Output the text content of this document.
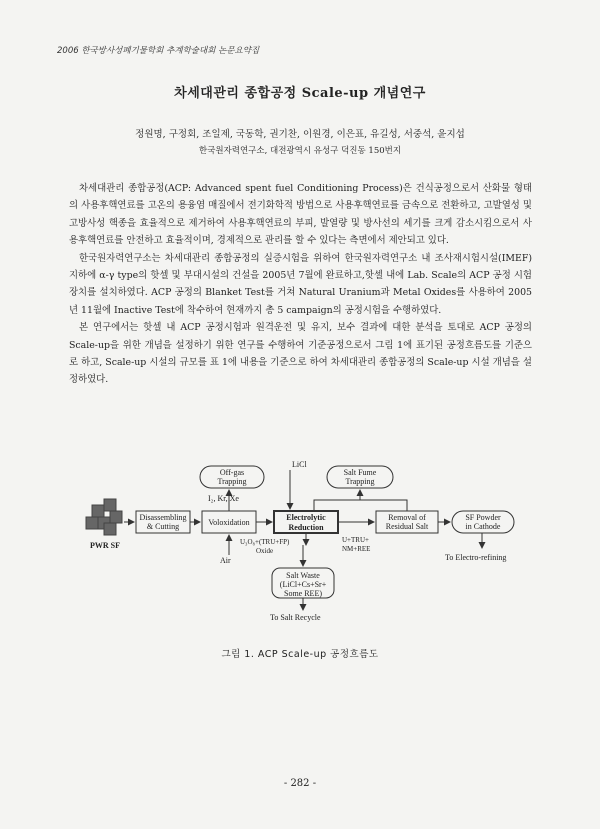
2006 한국방사성폐기물학회 추계학술대회 논문요약집
차세대관리 종합공정 Scale-up 개념연구
정원명, 구정회, 조일제, 국동학, 권기찬, 이원경, 이은표, 유길성, 서중석, 윤지섭
한국원자력연구소, 대전광역시 유성구 덕진동 150번지

차세대관리 종합공정(ACP: Advanced spent fuel Conditioning Process)은 건식공정으로서 산화물 형태의 사용후핵연료를 고온의 용융염 매질에서 전기화학적 방법으로 사용후핵연료를 금속으로 전환하고, 고발열성 및 고방사성 핵종을 효율적으로 제거하여 사용후핵연료의 부피, 발열량 및 방사선의 세기를 크게 감소시킴으로서 사용후핵연료를 안전하고 효율적이며, 경제적으로 관리를 할 수 있다는 측면에서 제안되고 있다.

한국원자력연구소는 차세대관리 종합공정의 실증시험을 위하여 한국원자력연구소 내 조사재시험시설(IMEF) 지하에 α-γ type의 핫셀 및 부대시설의 건설을 2005년 7월에 완료하고,핫셀 내에 Lab. Scale의 ACP 공정 시험장치를 설치하였다. ACP 공정의 Blanket Test를 거쳐 Natural Uranium과 Metal Oxides를 사용하여 2005년 11월에 Inactive Test에 착수하여 현재까지 총 5 campaign의 공정시험을 수행하였다.

본 연구에서는 핫셀 내 ACP 공정시험과 원격운전 및 유지, 보수 결과에 대한 분석을 토대로 ACP 공정의 Scale-up을 위한 개념을 설정하기 위한 연구를 수행하여 기준공정으로서 그림 1에 표기된 공정흐름도를 기준으로 하고, Scale-up 시설의 규모를 표 1에 내용을 기준으로 하여 차세대관리 종합공정의 Scale-up 시설 개념을 설정하였다.

Off-gas
Trapping
Salt Fume
Trapping
Disassembling
& Cutting	Voloxidation
Electrolytic
Reduction
Removal of
Residual Salt
SF Powder
in Cathode
Salt Waste
(LiCl+Cs+Sr+
Some REE)
I₂, Kr, Xe
LiCl
PWR SF
Air
U₃O₈+(TRU+FP)
Oxide
U+TRU+
NM+REE
To Electro-refining
To Salt Recycle
그림 1. ACP Scale-up 공정흐름도
- 282 -
